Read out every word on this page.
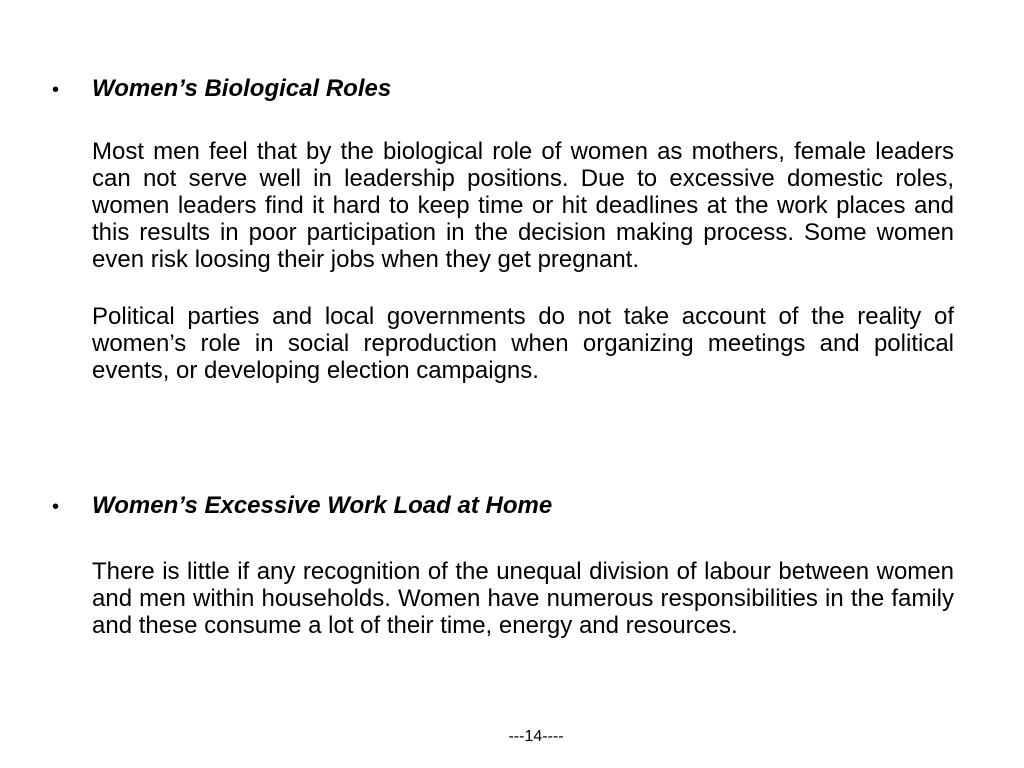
•	Women’s Biological Roles

Most men feel that by the biological role of women as mothers, female leaders can not serve well in leadership positions. Due to excessive domestic roles, women leaders find it hard to keep time or hit deadlines at the work places and this results in poor participation in the decision making process. Some women even risk loosing their jobs when they get pregnant.

Political parties and local governments do not take account of the reality of women’s role in social reproduction when organizing meetings and political events, or developing election campaigns.

•	Women’s Excessive Work Load at Home

There is little if any recognition of the unequal division of labour between women and men within households. Women have numerous responsibilities in the family and these consume a lot of their time, energy and resources.

---14----
